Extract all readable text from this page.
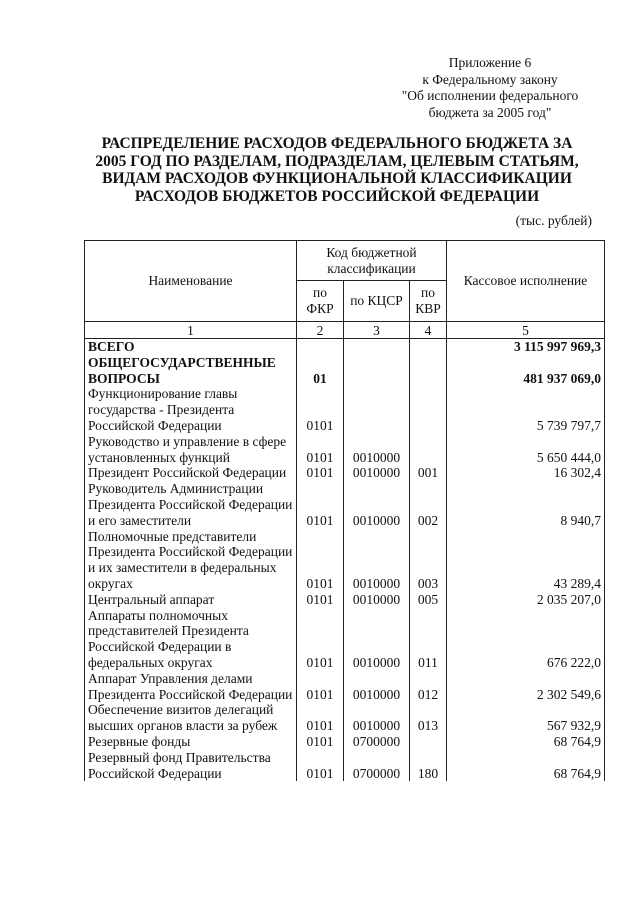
Приложение 6
к Федеральному закону
"Об исполнении федерального
бюджета за 2005 год"
РАСПРЕДЕЛЕНИЕ РАСХОДОВ ФЕДЕРАЛЬНОГО БЮДЖЕТА ЗА
2005 ГОД ПО РАЗДЕЛАМ, ПОДРАЗДЕЛАМ, ЦЕЛЕВЫМ СТАТЬЯМ,
ВИДАМ РАСХОДОВ ФУНКЦИОНАЛЬНОЙ КЛАССИФИКАЦИИ
РАСХОДОВ БЮДЖЕТОВ РОССИЙСКОЙ ФЕДЕРАЦИИ
(тыс. рублей)
Наименование	Код бюджетной классификации			Кассовое исполнение
	по ФКР	по КЦСР	по КВР	
1	2	3	4	5
ВСЕГО				3 115 997 969,3
ОБЩЕГОСУДАРСТВЕННЫЕ ВОПРОСЫ	01			481 937 069,0
Функционирование главы государства - Президента Российской Федерации	0101			5 739 797,7
Руководство и управление в сфере установленных функций	0101	0010000		5 650 444,0
Президент Российской Федерации	0101	0010000	001	16 302,4
Руководитель Администрации Президента Российской Федерации и его заместители	0101	0010000	002	8 940,7
Полномочные представители Президента Российской Федерации и их заместители в федеральных округах	0101	0010000	003	43 289,4
Центральный аппарат	0101	0010000	005	2 035 207,0
Аппараты полномочных представителей Президента Российской Федерации в федеральных округах	0101	0010000	011	676 222,0
Аппарат Управления делами Президента Российской Федерации	0101	0010000	012	2 302 549,6
Обеспечение визитов делегаций высших органов власти за рубеж	0101	0010000	013	567 932,9
Резервные фонды	0101	0700000		68 764,9
Резервный фонд Правительства Российской Федерации	0101	0700000	180	68 764,9
